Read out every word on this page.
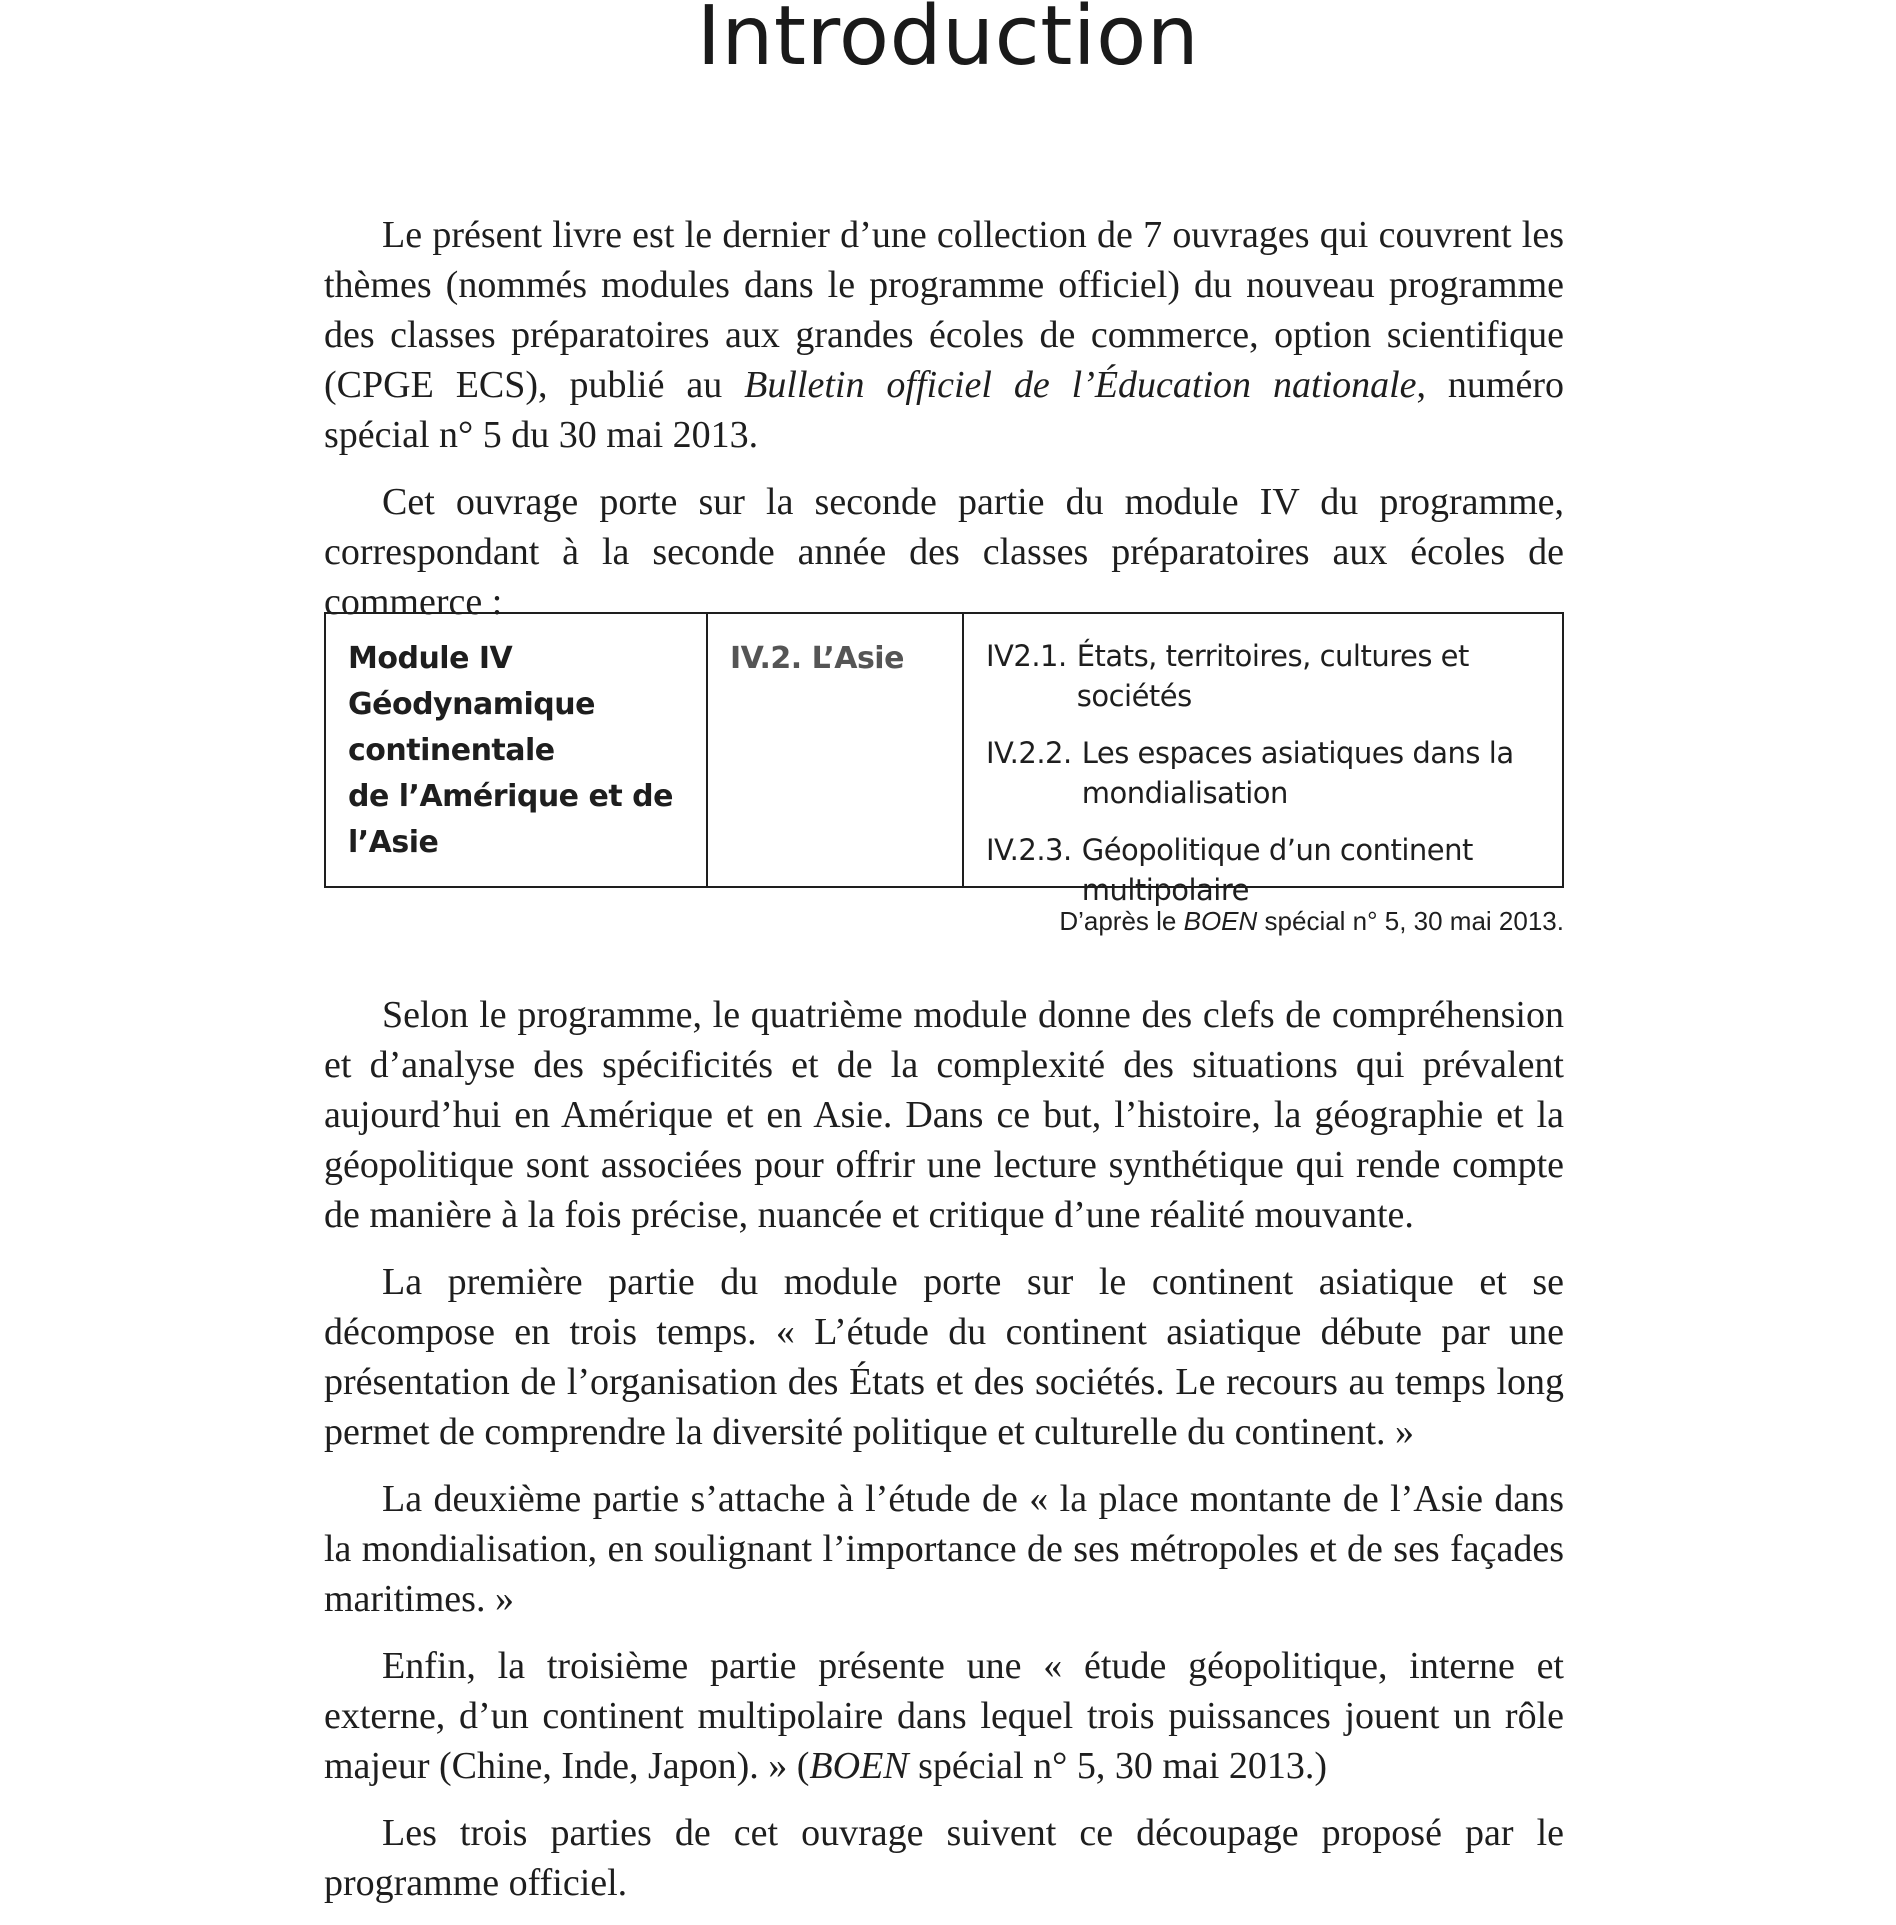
Introduction

Le présent livre est le dernier d’une collection de 7 ouvrages qui couvrent les thèmes (nommés modules dans le programme officiel) du nouveau programme des classes préparatoires aux grandes écoles de commerce, option scientifique (CPGE ECS), publié au Bulletin officiel de l’Éducation nationale, numéro spécial n° 5 du 30 mai 2013.

Cet ouvrage porte sur la seconde partie du module IV du programme, correspondant à la seconde année des classes préparatoires aux écoles de commerce :

Module IV
Géodynamique continentale
de l’Amérique et de l’Asie
IV.2. L’Asie	IV2.1. États, territoires, cultures et sociétés
IV.2.2. Les espaces asiatiques dans la mondialisation
IV.2.3. Géopolitique d’un continent multipolaire
D’après le BOEN spécial n° 5, 30 mai 2013.

Selon le programme, le quatrième module donne des clefs de compréhension et d’analyse des spécificités et de la complexité des situations qui prévalent aujourd’hui en Amérique et en Asie. Dans ce but, l’histoire, la géographie et la géopolitique sont associées pour offrir une lecture synthétique qui rende compte de manière à la fois précise, nuancée et critique d’une réalité mouvante.

La première partie du module porte sur le continent asiatique et se décompose en trois temps. « L’étude du continent asiatique débute par une présentation de l’organisation des États et des sociétés. Le recours au temps long permet de comprendre la diversité politique et culturelle du continent. »

La deuxième partie s’attache à l’étude de « la place montante de l’Asie dans la mondialisation, en soulignant l’importance de ses métropoles et de ses façades maritimes. »

Enfin, la troisième partie présente une « étude géopolitique, interne et externe, d’un continent multipolaire dans lequel trois puissances jouent un rôle majeur (Chine, Inde, Japon). » (BOEN spécial n° 5, 30 mai 2013.)

Les trois parties de cet ouvrage suivent ce découpage proposé par le programme officiel.
